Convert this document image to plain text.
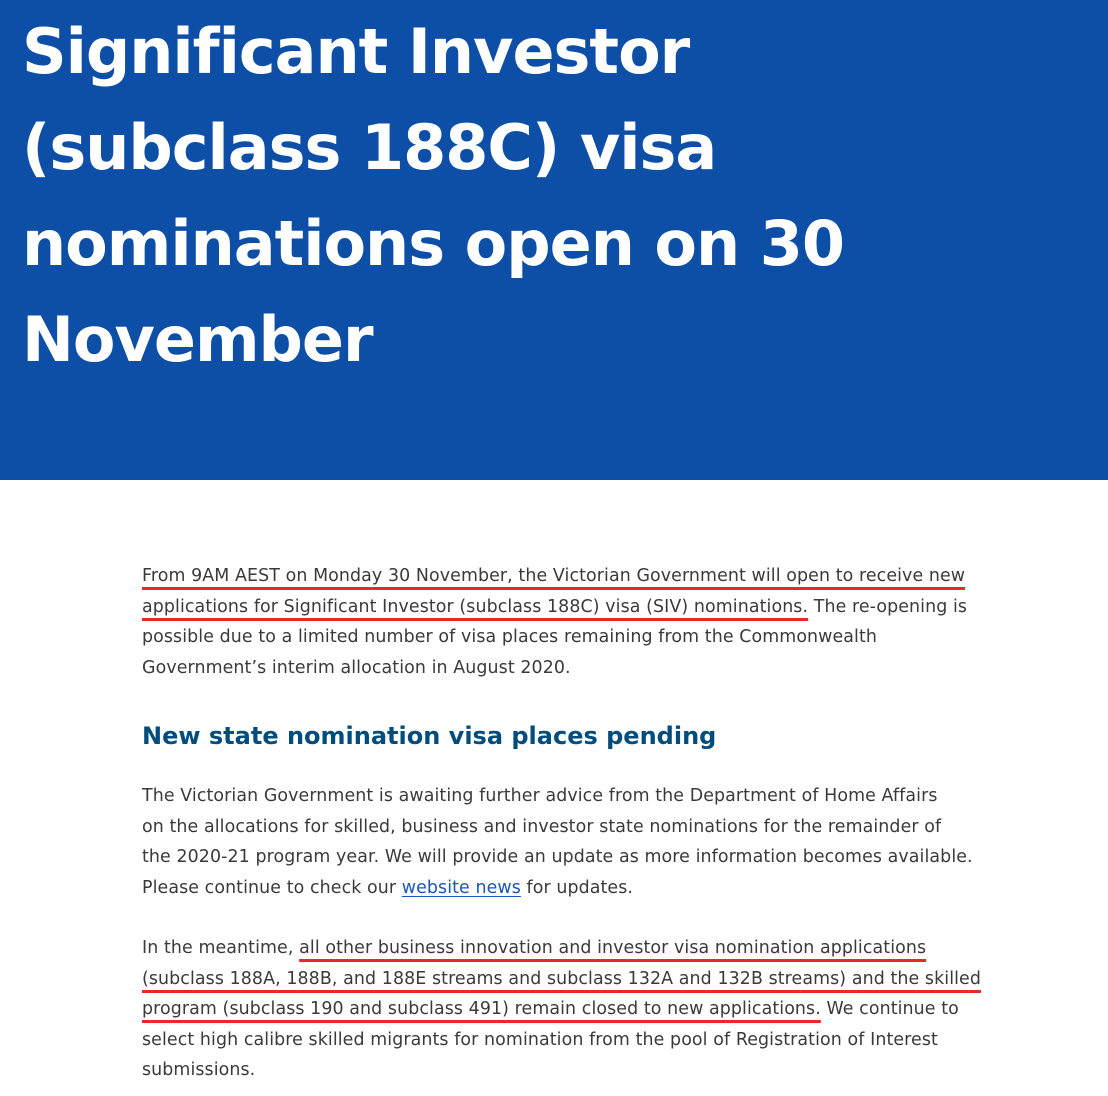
Significant Investor
(subclass 188C) visa
nominations open on 30
November

From 9AM AEST on Monday 30 November, the Victorian Government will open to receive new
applications for Significant Investor (subclass 188C) visa (SIV) nominations. The re-opening is
possible due to a limited number of visa places remaining from the Commonwealth
Government’s interim allocation in August 2020.

New state nomination visa places pending

The Victorian Government is awaiting further advice from the Department of Home Affairs
on the allocations for skilled, business and investor state nominations for the remainder of
the 2020-21 program year. We will provide an update as more information becomes available.
Please continue to check our website news for updates.

In the meantime, all other business innovation and investor visa nomination applications
(subclass 188A, 188B, and 188E streams and subclass 132A and 132B streams) and the skilled
program (subclass 190 and subclass 491) remain closed to new applications. We continue to
select high calibre skilled migrants for nomination from the pool of Registration of Interest
submissions.
